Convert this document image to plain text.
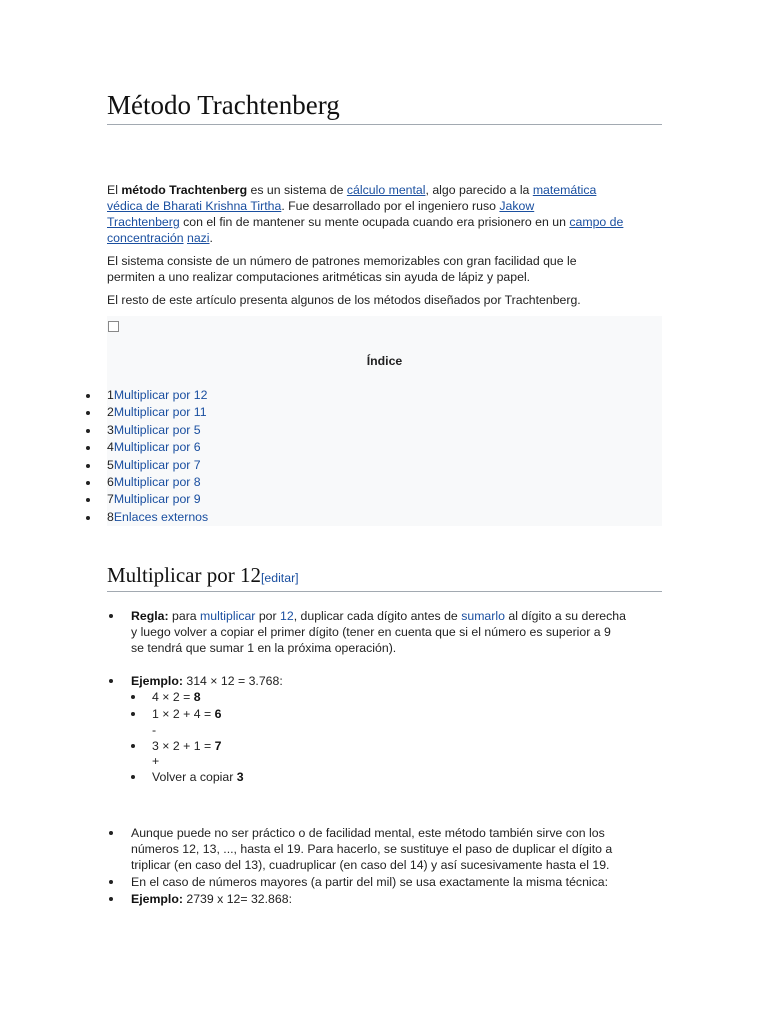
Método Trachtenberg

El método Trachtenberg es un sistema de cálculo mental, algo parecido a la matemática
védica de Bharati Krishna Tirtha. Fue desarrollado por el ingeniero ruso Jakow
Trachtenberg con el fin de mantener su mente ocupada cuando era prisionero en un campo de
concentración nazi.

El sistema consiste de un número de patrones memorizables con gran facilidad que le
permiten a uno realizar computaciones aritméticas sin ayuda de lápiz y papel.

El resto de este artículo presenta algunos de los métodos diseñados por Trachtenberg.

Índice
1Multiplicar por 12
2Multiplicar por 11
3Multiplicar por 5
4Multiplicar por 6
5Multiplicar por 7
6Multiplicar por 8
7Multiplicar por 9
8Enlaces externos
Multiplicar por 12[editar]
Regla: para multiplicar por 12, duplicar cada dígito antes de sumarlo al dígito a su derecha
y luego volver a copiar el primer dígito (tener en cuenta que si el número es superior a 9
se tendrá que sumar 1 en la próxima operación).
Ejemplo: 314 × 12 = 3.768:
4 × 2 = 8
1 × 2 + 4 = 6
-
3 × 2 + 1 = 7
+
Volver a copiar 3
Aunque puede no ser práctico o de facilidad mental, este método también sirve con los
números 12, 13, ..., hasta el 19. Para hacerlo, se sustituye el paso de duplicar el dígito a
triplicar (en caso del 13), cuadruplicar (en caso del 14) y así sucesivamente hasta el 19.
En el caso de números mayores (a partir del mil) se usa exactamente la misma técnica:
Ejemplo: 2739 x 12= 32.868:
